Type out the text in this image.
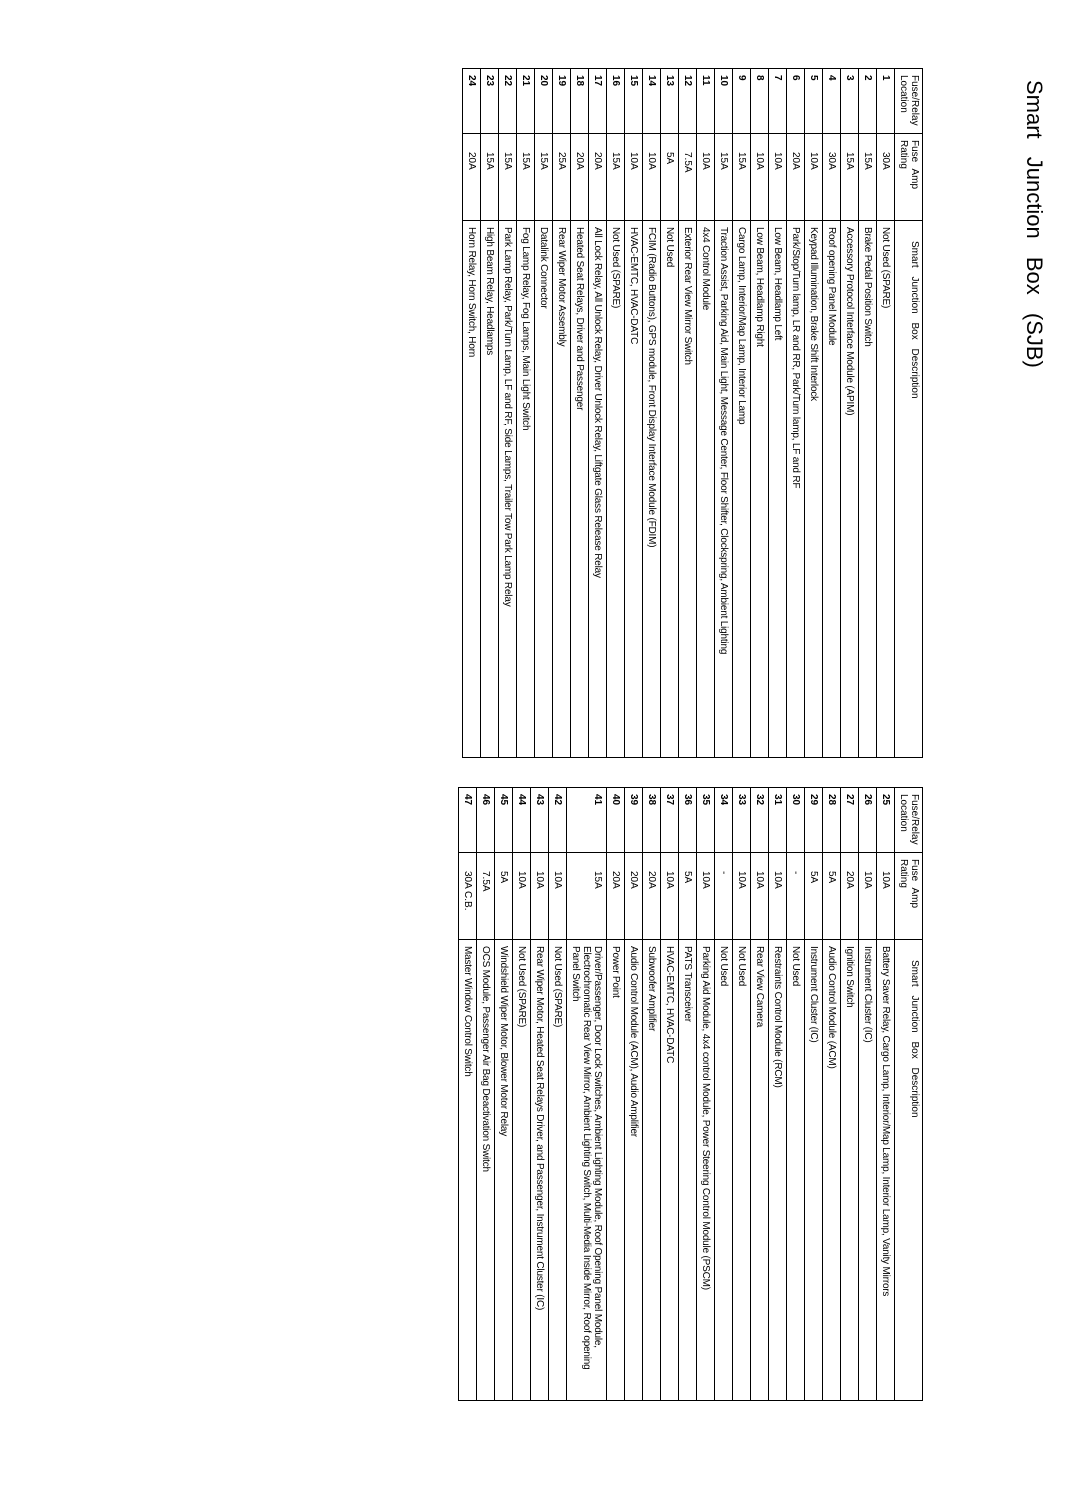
Smart Junction Box (SJB)
Fuse/Relay Location	Fuse Amp Rating	Smart Junction Box Description
1	30A	Not Used (SPARE)
2	15A	Brake Pedal Position Switch
3	15A	Accessory Protocol Interface Module (APIM)
4	30A	Roof opening Panel Module
5	10A	Keypad Illumination, Brake Shift Interlock
6	20A	Park/Stop/Turn lamp, LR and RR, Park/Turn lamp, LF and RF
7	10A	Low Beam, Headlamp Left
8	10A	Low Beam, Headlamp Right
9	15A	Cargo Lamp, Interior/Map Lamp, Interior Lamp
10	15A	Traction Assist, Parking Aid, Main Light, Message Center, Floor Shifter, Clockspring, Ambient Lighting
11	10A	4x4 Control Module
12	7.5A	Exterior Rear View Mirror Switch
13	5A	Not Used
14	10A	FCIM (Radio Buttons), GPS module, Front Display Interface Module (FDIM)
15	10A	HVAC-EMTC, HVAC-DATC
16	15A	Not Used (SPARE)
17	20A	All Lock Relay, All Unlock Relay, Driver Unlock Relay, Liftgate Glass Release Relay
18	20A	Heated Seat Relays, Driver and Passenger
19	25A	Rear Wiper Motor Assembly
20	15A	Datalink Connector
21	15A	Fog Lamp Relay, Fog Lamps, Main Light Switch
22	15A	Park Lamp Relay, Park/Turn Lamp, LF and RF, Side Lamps, Trailer Tow Park Lamp Relay
23	15A	High Beam Relay, Headlamps
24	20A	Horn Relay, Horn Switch, Horn
Fuse/Relay Location	Fuse Amp Rating	Smart Junction Box Description
25	10A	Battery Saver Relay, Cargo Lamp, Interior/Map Lamp, Interior Lamp, Vanity Mirrors
26	10A	Instrument Cluster (IC)
27	20A	Ignition Switch
28	5A	Audio Control Module (ACM)
29	5A	Instrument Cluster (IC)
30	-	Not Used
31	10A	Restraints Control Module (RCM)
32	10A	Rear View Camera
33	10A	Not Used
34	-	Not Used
35	10A	Parking Aid Module, 4x4 control Module, Power Steering Control Module (PSCM)
36	5A	PATS Transceiver
37	10A	HVAC-EMTC, HVAC-DATC
38	20A	Subwoofer Amplifier
39	20A	Audio Control Module (ACM), Audio Amplifier
40	20A	Power Point
41	15A	Driver/Passenger, Door Lock Switches, Ambient Lighting Module, Roof Opening Panel Module, Electrochromatic Rear View Mirror, Ambient Lighting Switch, Multi-Media Inside Mirror, Roof opening Panel Switch
42	10A	Not Used (SPARE)
43	10A	Rear Wiper Motor, Heated Seat Relays Driver, and Passenger, Instrument Cluster (IC)
44	10A	Not Used (SPARE)
45	5A	Windshield Wiper Motor, Blower Motor Relay
46	7.5A	OCS Module, Passenger Air Bag Deactivation Switch
47	30A C.B.	Master Window Control Switch
